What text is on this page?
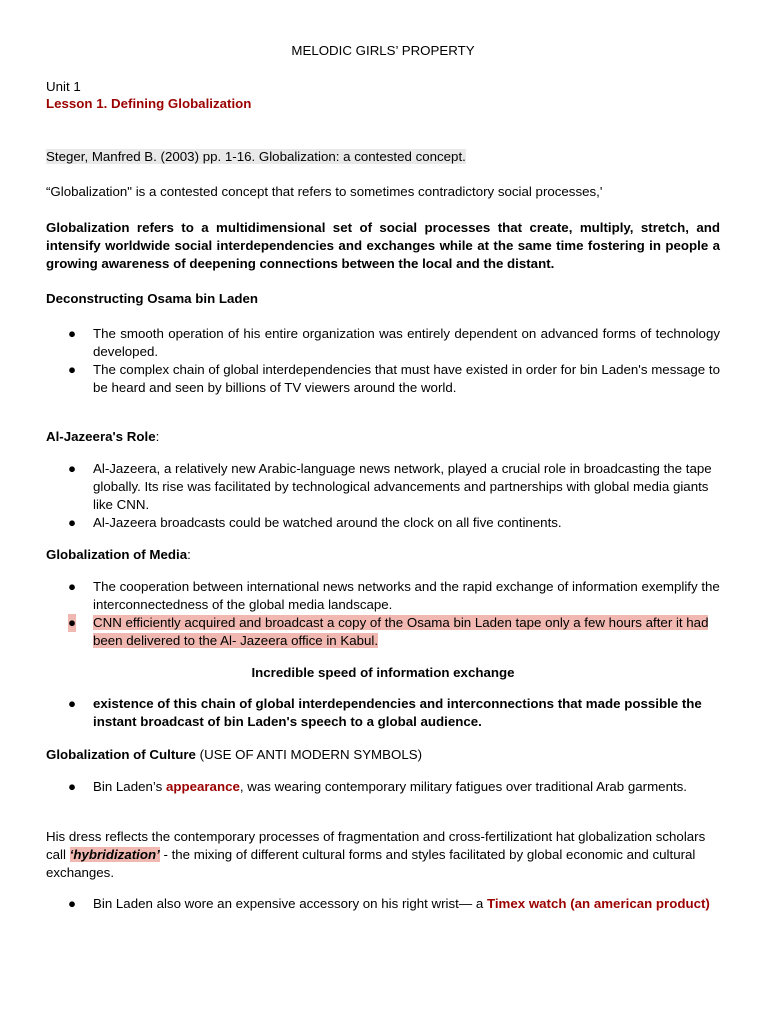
MELODIC GIRLS’ PROPERTY
Unit 1
Lesson 1. Defining Globalization
Steger, Manfred B. (2003) pp. 1-16. Globalization: a contested concept.
“Globalization" is a contested concept that refers to sometimes contradictory social processes,'
Globalization refers to a multidimensional set of social processes that create, multiply, stretch, and intensify worldwide social interdependencies and exchanges while at the same time fostering in people a growing awareness of deepening connections between the local and the distant.
Deconstructing Osama bin Laden
● The smooth operation of his entire organization was entirely dependent on advanced forms of technology developed.
● The complex chain of global interdependencies that must have existed in order for bin Laden's message to be heard and seen by billions of TV viewers around the world.
Al-Jazeera's Role:
● Al-Jazeera, a relatively new Arabic-language news network, played a crucial role in broadcasting the tape globally. Its rise was facilitated by technological advancements and partnerships with global media giants like CNN.
● Al-Jazeera broadcasts could be watched around the clock on all five continents.
Globalization of Media:
● The cooperation between international news networks and the rapid exchange of information exemplify the interconnectedness of the global media landscape.
● CNN efficiently acquired and broadcast a copy of the Osama bin Laden tape only a few hours after it had been delivered to the Al- Jazeera office in Kabul.
Incredible speed of information exchange
● existence of this chain of global interdependencies and interconnections that made possible the instant broadcast of bin Laden's speech to a global audience.
Globalization of Culture (USE OF ANTI MODERN SYMBOLS)
● Bin Laden’s appearance, was wearing contemporary military fatigues over traditional Arab garments.
His dress reflects the contemporary processes of fragmentation and cross-fertilizationt hat globalization scholars call ‘hybridization’ - the mixing of different cultural forms and styles facilitated by global economic and cultural exchanges.
● Bin Laden also wore an expensive accessory on his right wrist— a Timex watch (an american product)
